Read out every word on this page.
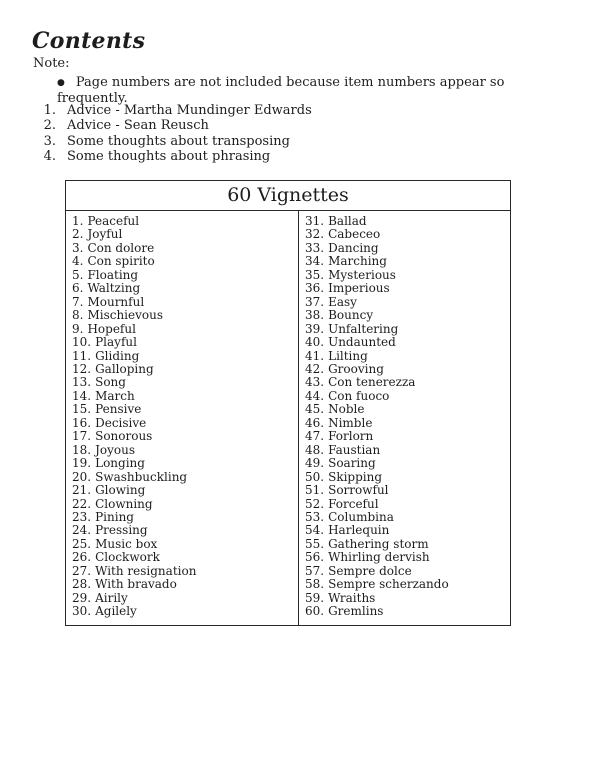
Contents
Note:
● Page numbers are not included because item numbers appear so frequently.
1. Advice - Martha Mundinger Edwards
2. Advice - Sean Reusch
3. Some thoughts about transposing
4. Some thoughts about phrasing
60 Vignettes
1. Peaceful
2. Joyful
3. Con dolore
4. Con spirito
5. Floating
6. Waltzing
7. Mournful
8. Mischievous
9. Hopeful
10. Playful
11. Gliding
12. Galloping
13. Song
14. March
15. Pensive
16. Decisive
17. Sonorous
18. Joyous
19. Longing
20. Swashbuckling
21. Glowing
22. Clowning
23. Pining
24. Pressing
25. Music box
26. Clockwork
27. With resignation
28. With bravado
29. Airily
30. Agilely
31. Ballad
32. Cabeceo
33. Dancing
34. Marching
35. Mysterious
36. Imperious
37. Easy
38. Bouncy
39. Unfaltering
40. Undaunted
41. Lilting
42. Grooving
43. Con tenerezza
44. Con fuoco
45. Noble
46. Nimble
47. Forlorn
48. Faustian
49. Soaring
50. Skipping
51. Sorrowful
52. Forceful
53. Columbina
54. Harlequin
55. Gathering storm
56. Whirling dervish
57. Sempre dolce
58. Sempre scherzando
59. Wraiths
60. Gremlins
